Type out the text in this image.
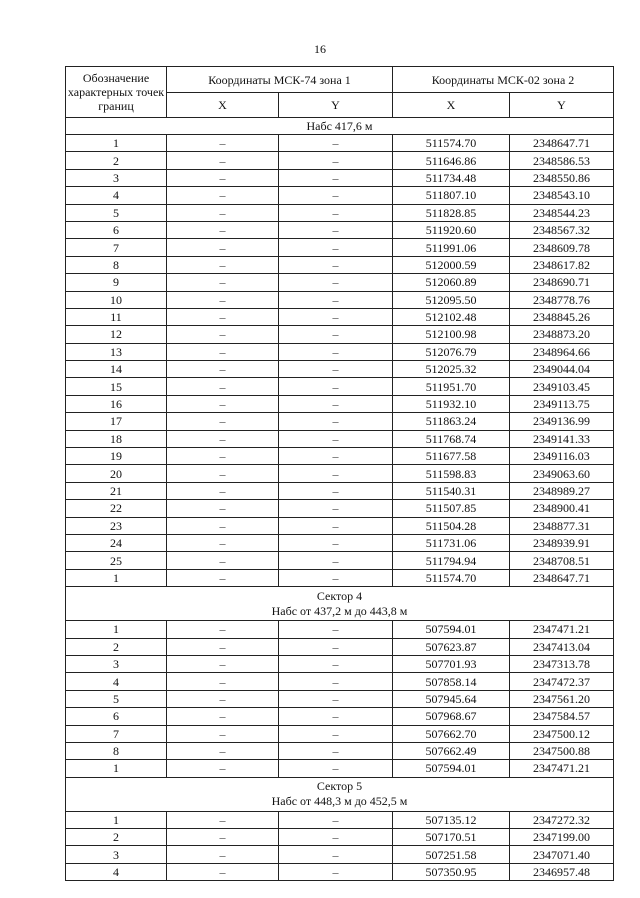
16
Обозначение характерных точек границ	Координаты МСК-74 зона 1		Координаты МСК-02 зона 2	
	X	Y	X	Y

Нaбc 417,6 м				

1	–	–	511574.70	2348647.71
2	–	–	511646.86	2348586.53
3	–	–	511734.48	2348550.86
4	–	–	511807.10	2348543.10
5	–	–	511828.85	2348544.23
6	–	–	511920.60	2348567.32
7	–	–	511991.06	2348609.78
8	–	–	512000.59	2348617.82
9	–	–	512060.89	2348690.71
10	–	–	512095.50	2348778.76
11	–	–	512102.48	2348845.26
12	–	–	512100.98	2348873.20
13	–	–	512076.79	2348964.66
14	–	–	512025.32	2349044.04
15	–	–	511951.70	2349103.45
16	–	–	511932.10	2349113.75
17	–	–	511863.24	2349136.99
18	–	–	511768.74	2349141.33
19	–	–	511677.58	2349116.03
20	–	–	511598.83	2349063.60
21	–	–	511540.31	2348989.27
22	–	–	511507.85	2348900.41
23	–	–	511504.28	2348877.31
24	–	–	511731.06	2348939.91
25	–	–	511794.94	2348708.51
1	–	–	511574.70	2348647.71

Сектор 4
Нaбc от 437,2 м до 443,8 м				

1	–	–	507594.01	2347471.21
2	–	–	507623.87	2347413.04
3	–	–	507701.93	2347313.78
4	–	–	507858.14	2347472.37
5	–	–	507945.64	2347561.20
6	–	–	507968.67	2347584.57
7	–	–	507662.70	2347500.12
8	–	–	507662.49	2347500.88
1	–	–	507594.01	2347471.21

Сектор 5
Нaбc от 448,3 м до 452,5 м				

1	–	–	507135.12	2347272.32
2	–	–	507170.51	2347199.00
3	–	–	507251.58	2347071.40
4	–	–	507350.95	2346957.48
